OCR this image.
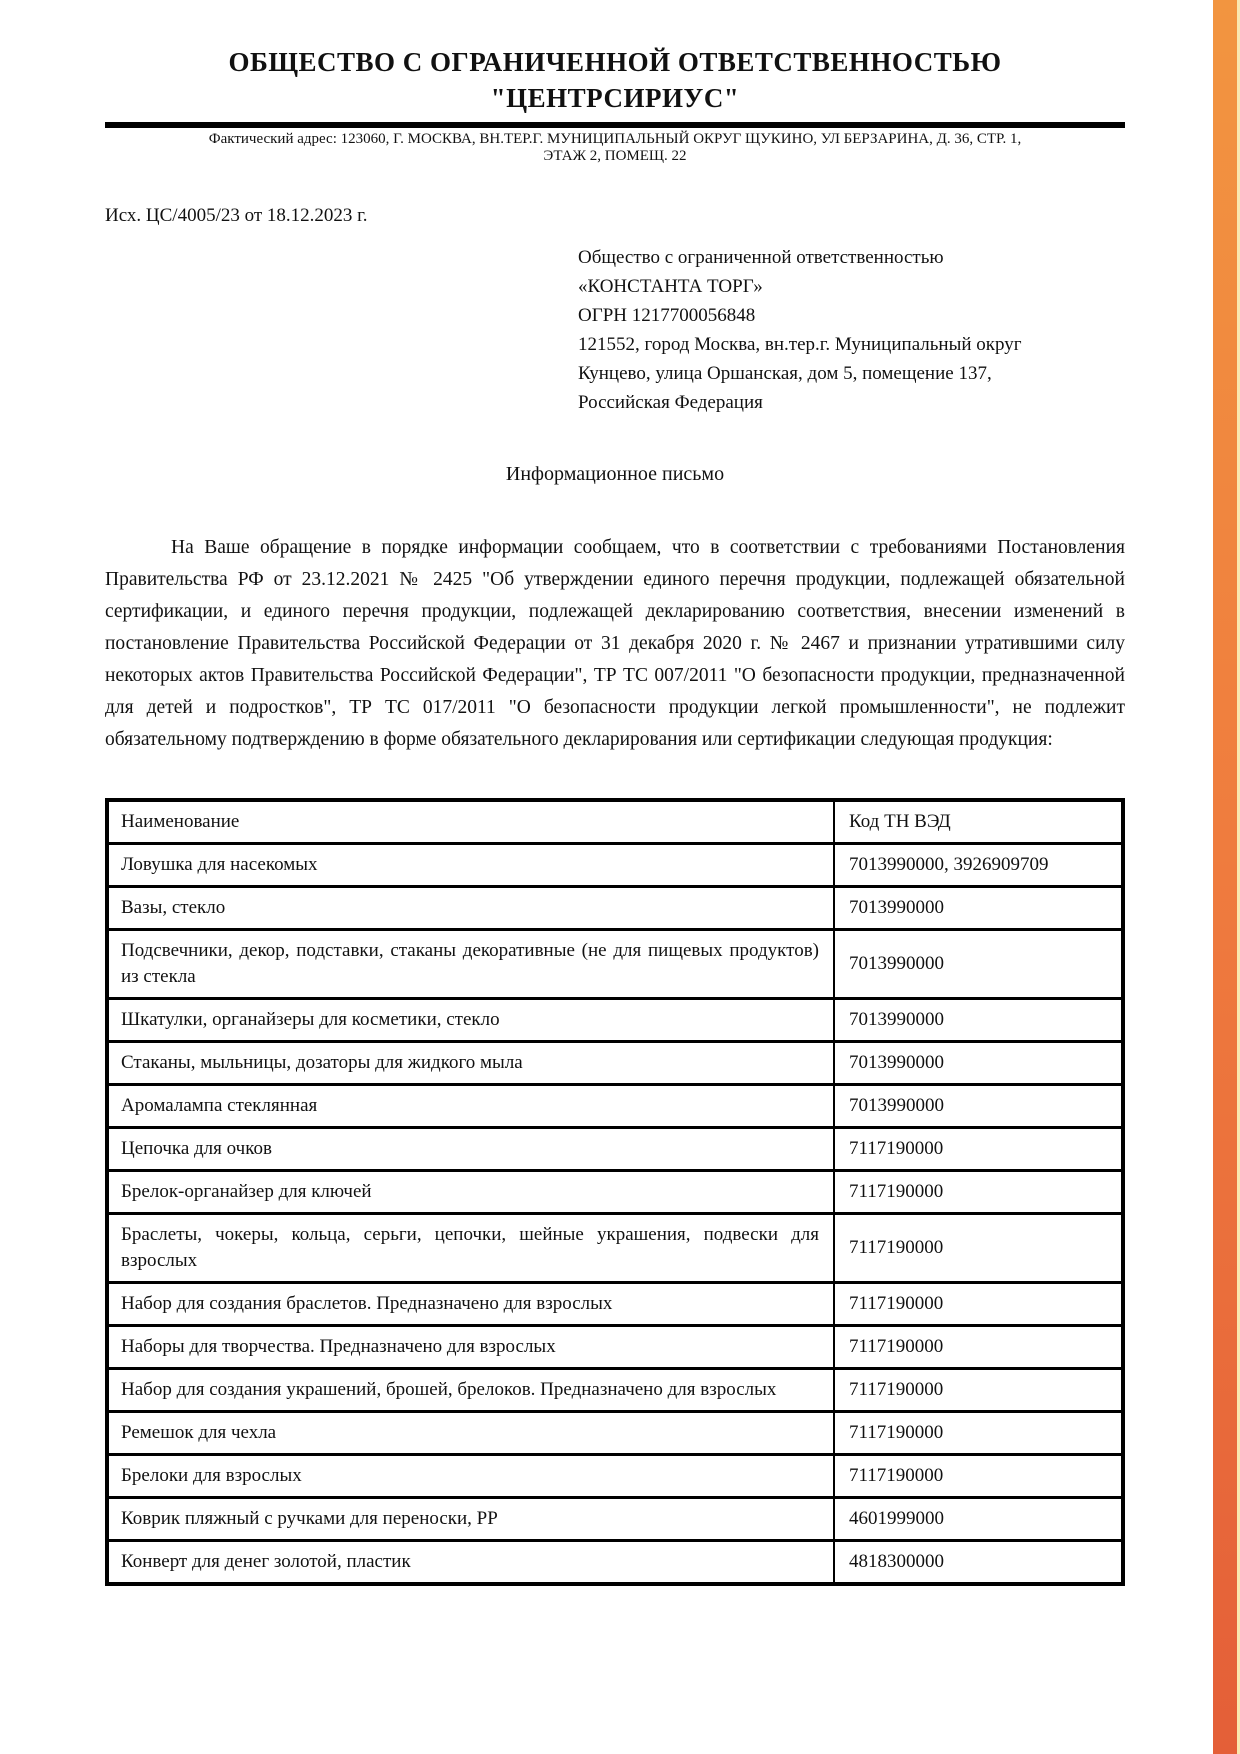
ОБЩЕСТВО С ОГРАНИЧЕННОЙ ОТВЕТСТВЕННОСТЬЮ
"ЦЕНТРСИРИУС"
Фактический адрес: 123060, Г. МОСКВА, ВН.ТЕР.Г. МУНИЦИПАЛЬНЫЙ ОКРУГ ЩУКИНО, УЛ БЕРЗАРИНА, Д. 36, СТР. 1,
ЭТАЖ 2, ПОМЕЩ. 22
Исх. ЦС/4005/23 от 18.12.2023 г.
Общество с ограниченной ответственностью
«КОНСТАНТА ТОРГ»
ОГРН 1217700056848
121552, город Москва, вн.тер.г. Муниципальный округ
Кунцево, улица Оршанская, дом 5, помещение 137,
Российская Федерация
Информационное письмо

На Ваше обращение в порядке информации сообщаем, что в соответствии с требованиями Постановления Правительства РФ от 23.12.2021 № 2425 "Об утверждении единого перечня продукции, подлежащей обязательной сертификации, и единого перечня продукции, подлежащей декларированию соответствия, внесении изменений в постановление Правительства Российской Федерации от 31 декабря 2020 г. № 2467 и признании утратившими силу некоторых актов Правительства Российской Федерации", ТР ТС 007/2011 "О безопасности продукции, предназначенной для детей и подростков", ТР ТС 017/2011 "О безопасности продукции легкой промышленности", не подлежит обязательному подтверждению в форме обязательного декларирования или сертификации следующая продукция:

Наименование	Код ТН ВЭД
Ловушка для насекомых	7013990000, 3926909709
Вазы, стекло	7013990000
Подсвечники, декор, подставки, стаканы декоративные (не для пищевых продуктов) из стекла	7013990000
Шкатулки, органайзеры для косметики, стекло	7013990000
Стаканы, мыльницы, дозаторы для жидкого мыла	7013990000
Аромалампа стеклянная	7013990000
Цепочка для очков	7117190000
Брелок-органайзер для ключей	7117190000
Браслеты, чокеры, кольца, серьги, цепочки, шейные украшения, подвески для взрослых	7117190000
Набор для создания браслетов. Предназначено для взрослых	7117190000
Наборы для творчества. Предназначено для взрослых	7117190000
Набор для создания украшений, брошей, брелоков. Предназначено для взрослых	7117190000
Ремешок для чехла	7117190000
Брелоки для взрослых	7117190000
Коврик пляжный с ручками для переноски, PP	4601999000
Конверт для денег золотой, пластик	4818300000
